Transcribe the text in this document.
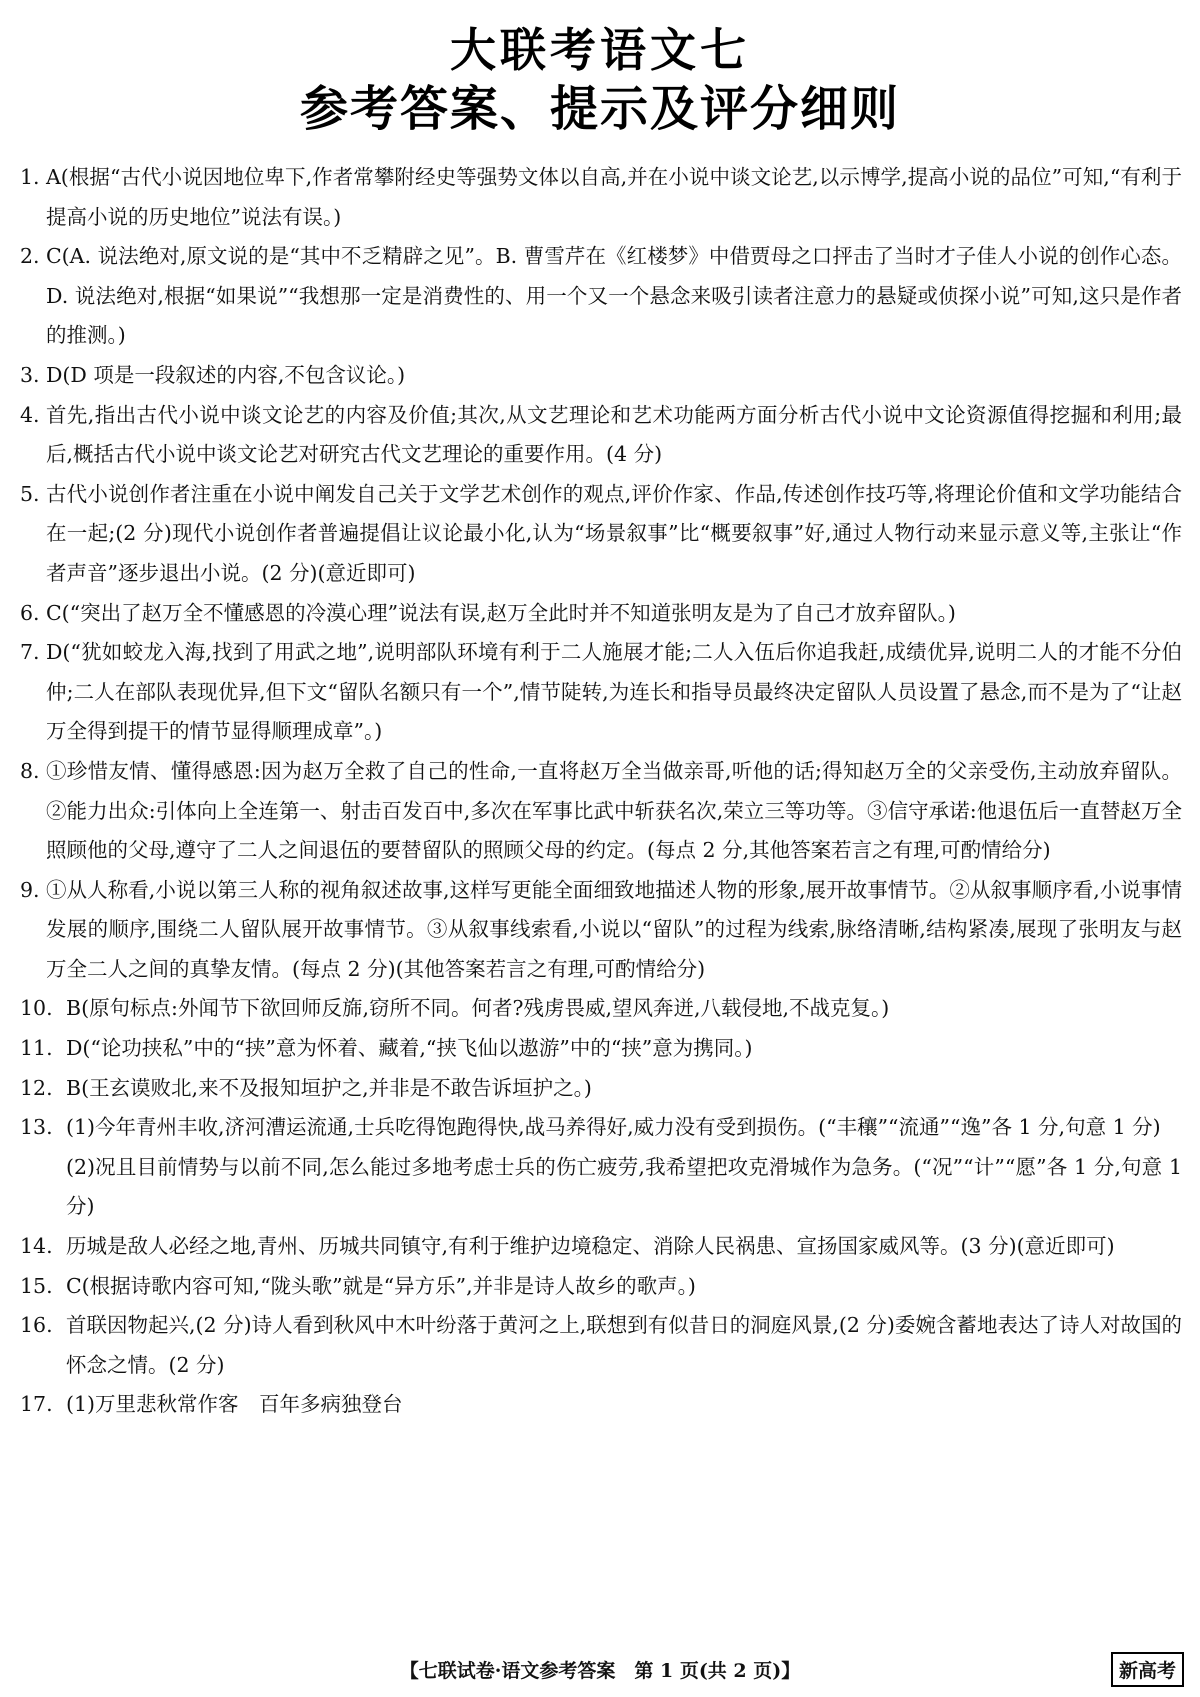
大联考语文七
参考答案、提示及评分细则
1. A(根据“古代小说因地位卑下,作者常攀附经史等强势文体以自高,并在小说中谈文论艺,以示博学,提高小说的品位”可知,“有利于提高小说的历史地位”说法有误。)
2. C(A. 说法绝对,原文说的是“其中不乏精辟之见”。B. 曹雪芹在《红楼梦》中借贾母之口抨击了当时才子佳人小说的创作心态。D. 说法绝对,根据“如果说”“我想那一定是消费性的、用一个又一个悬念来吸引读者注意力的悬疑或侦探小说”可知,这只是作者的推测。)
3. D(D 项是一段叙述的内容,不包含议论。)
4. 首先,指出古代小说中谈文论艺的内容及价值;其次,从文艺理论和艺术功能两方面分析古代小说中文论资源值得挖掘和利用;最后,概括古代小说中谈文论艺对研究古代文艺理论的重要作用。(4 分)
5. 古代小说创作者注重在小说中阐发自己关于文学艺术创作的观点,评价作家、作品,传述创作技巧等,将理论价值和文学功能结合在一起;(2 分)现代小说创作者普遍提倡让议论最小化,认为“场景叙事”比“概要叙事”好,通过人物行动来显示意义等,主张让“作者声音”逐步退出小说。(2 分)(意近即可)
6. C(“突出了赵万全不懂感恩的冷漠心理”说法有误,赵万全此时并不知道张明友是为了自己才放弃留队。)
7. D(“犹如蛟龙入海,找到了用武之地”,说明部队环境有利于二人施展才能;二人入伍后你追我赶,成绩优异,说明二人的才能不分伯仲;二人在部队表现优异,但下文“留队名额只有一个”,情节陡转,为连长和指导员最终决定留队人员设置了悬念,而不是为了“让赵万全得到提干的情节显得顺理成章”。)
8. ①珍惜友情、懂得感恩:因为赵万全救了自己的性命,一直将赵万全当做亲哥,听他的话;得知赵万全的父亲受伤,主动放弃留队。②能力出众:引体向上全连第一、射击百发百中,多次在军事比武中斩获名次,荣立三等功等。③信守承诺:他退伍后一直替赵万全照顾他的父母,遵守了二人之间退伍的要替留队的照顾父母的约定。(每点 2 分,其他答案若言之有理,可酌情给分)
9. ①从人称看,小说以第三人称的视角叙述故事,这样写更能全面细致地描述人物的形象,展开故事情节。②从叙事顺序看,小说事情发展的顺序,围绕二人留队展开故事情节。③从叙事线索看,小说以“留队”的过程为线索,脉络清晰,结构紧凑,展现了张明友与赵万全二人之间的真挚友情。(每点 2 分)(其他答案若言之有理,可酌情给分)
10. B(原句标点:外闻节下欲回师反旆,窃所不同。何者?残虏畏威,望风奔迸,八载侵地,不战克复。)
11. D(“论功挟私”中的“挟”意为怀着、藏着,“挟飞仙以遨游”中的“挟”意为携同。)
12. B(王玄谟败北,来不及报知垣护之,并非是不敢告诉垣护之。)
13. (1)今年青州丰收,济河漕运流通,士兵吃得饱跑得快,战马养得好,威力没有受到损伤。(“丰穰”“流通”“逸”各 1 分,句意 1 分)
(2)况且目前情势与以前不同,怎么能过多地考虑士兵的伤亡疲劳,我希望把攻克滑城作为急务。(“况”“计”“愿”各 1 分,句意 1 分)
14. 历城是敌人必经之地,青州、历城共同镇守,有利于维护边境稳定、消除人民祸患、宣扬国家威风等。(3 分)(意近即可)
15. C(根据诗歌内容可知,“陇头歌”就是“异方乐”,并非是诗人故乡的歌声。)
16. 首联因物起兴,(2 分)诗人看到秋风中木叶纷落于黄河之上,联想到有似昔日的洞庭风景,(2 分)委婉含蓄地表达了诗人对故国的怀念之情。(2 分)
17. (1)万里悲秋常作客　百年多病独登台
【七联试卷·语文参考答案　第 1 页(共 2 页)】	新高考
